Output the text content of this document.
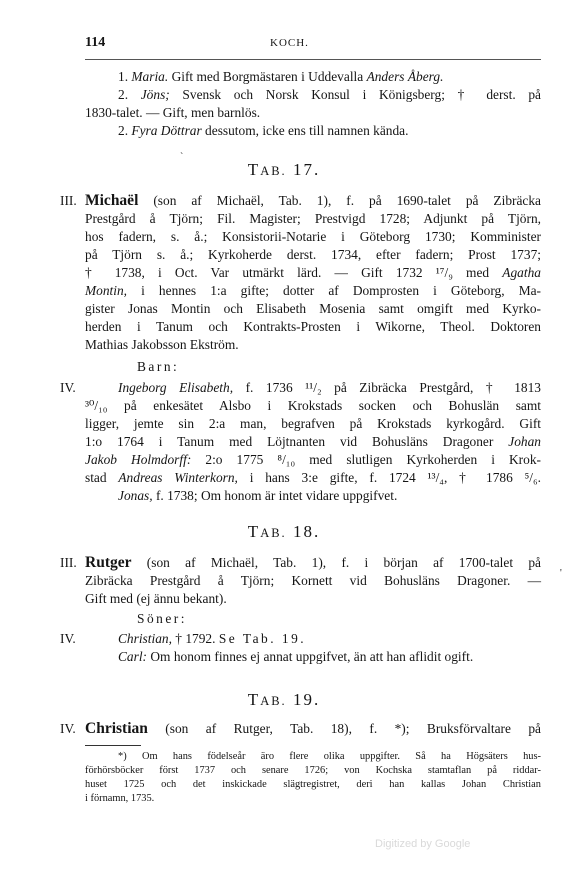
114	KOCH.
1. Maria. Gift med Borgmästaren i Uddevalla Anders Åberg.
2. Jöns; Svensk och Norsk Konsul i Königsberg; † derst. på
1830-talet. — Gift, men barnlös.
2. Fyra Döttrar dessutom, icke ens till namnen kända.
ˋ
TAB. 17.
III. Michaël (son af Michaël, Tab. 1), f. på 1690-talet på Zibräcka
Prestgård å Tjörn; Fil. Magister; Prestvigd 1728; Adjunkt på Tjörn,
hos fadern, s. å.; Konsistorii-Notarie i Göteborg 1730; Komminister
på Tjörn s. å.; Kyrkoherde derst. 1734, efter fadern; Prost 1737;
† 1738, i Oct. Var utmärkt lärd. — Gift 1732 ¹⁷/₉ med Agatha
Montin, i hennes 1:a gifte; dotter af Domprosten i Göteborg, Ma-
gister Jonas Montin och Elisabeth Mosenia samt omgift med Kyrko-
herden i Tanum och Kontrakts-Prosten i Wikorne, Theol. Doktoren
Mathias Jakobsson Ekström.
Barn:
IV.	Ingeborg Elisabeth, f. 1736 ¹¹/₂ på Zibräcka Prestgård, † 1813
³⁰/₁₀ på enkesätet Alsbo i Krokstads socken och Bohuslän samt
ligger, jemte sin 2:a man, begrafven på Krokstads kyrkogård. Gift
1:o 1764 i Tanum med Löjtnanten vid Bohusläns Dragoner Johan
Jakob Holmdorff: 2:o 1775 ⁸/₁₀ med slutligen Kyrkoherden i Krok-
stad Andreas Winterkorn, i hans 3:e gifte, f. 1724 ¹³/₄, † 1786 ⁵/₆.
Jonas, f. 1738; Om honom är intet vidare uppgifvet.
TAB. 18.
III. Rutger (son af Michaël, Tab. 1), f. i början af 1700-talet på
Zibräcka Prestgård å Tjörn; Kornett vid Bohusläns Dragoner. —
Gift med (ej ännu bekant).
'
Söner:
IV.	Christian, † 1792. Se Tab. 19.
Carl: Om honom finnes ej annat uppgifvet, än att han aflidit ogift.
TAB. 19.
IV. Christian (son af Rutger, Tab. 18), f. *); Bruksförvaltare på
*) Om hans födelseår äro flere olika uppgifter. Så ha Högsäters hus-
förhörsböcker först 1737 och senare 1726; von Kochska stamtaflan på riddar-
huset 1725 och det inskickade slägtregistret, deri han kallas Johan Christian
i förnamn, 1735.
Digitized by Google
